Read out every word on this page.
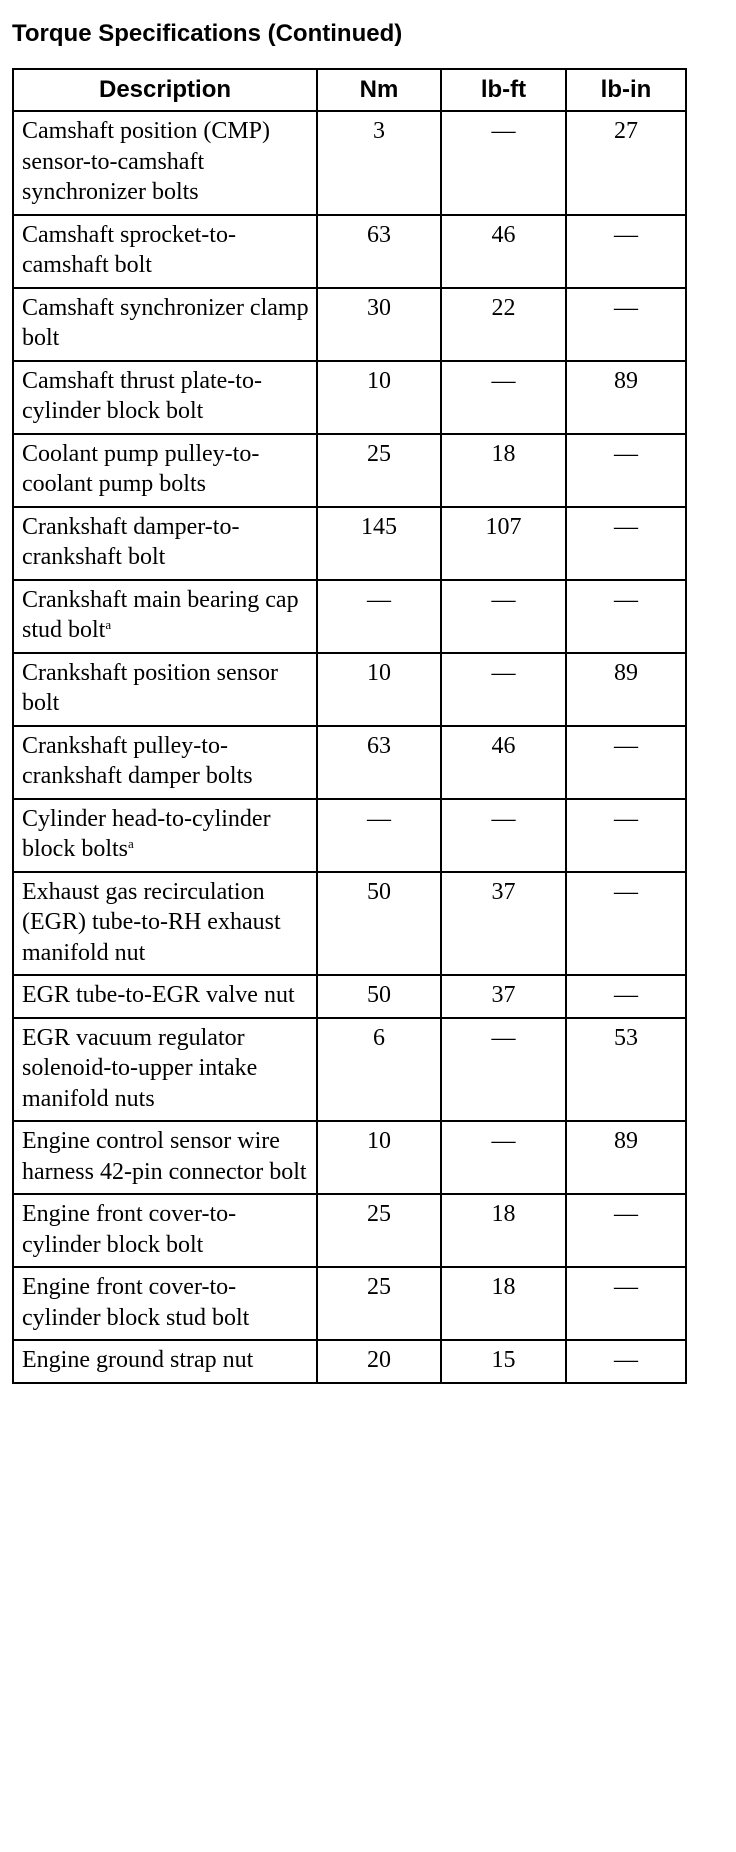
Torque Specifications (Continued)
Description	Nm	lb-ft	lb-in
Camshaft position (CMP) sensor-to-camshaft synchronizer bolts	3	—	27
Camshaft sprocket-to-camshaft bolt	63	46	—
Camshaft synchronizer clamp bolt	30	22	—
Camshaft thrust plate-to-cylinder block bolt	10	—	89
Coolant pump pulley-to-coolant pump bolts	25	18	—
Crankshaft damper-to-crankshaft bolt	145	107	—
Crankshaft main bearing cap stud bolt$^a$	—	—	—
Crankshaft position sensor bolt	10	—	89
Crankshaft pulley-to-crankshaft damper bolts	63	46	—
Cylinder head-to-cylinder block bolts$^a$	—	—	—
Exhaust gas recirculation (EGR) tube-to-RH exhaust manifold nut	50	37	—
EGR tube-to-EGR valve nut	50	37	—
EGR vacuum regulator solenoid-to-upper intake manifold nuts	6	—	53
Engine control sensor wire harness 42-pin connector bolt	10	—	89
Engine front cover-to-cylinder block bolt	25	18	—
Engine front cover-to-cylinder block stud bolt	25	18	—
Engine ground strap nut	20	15	—
